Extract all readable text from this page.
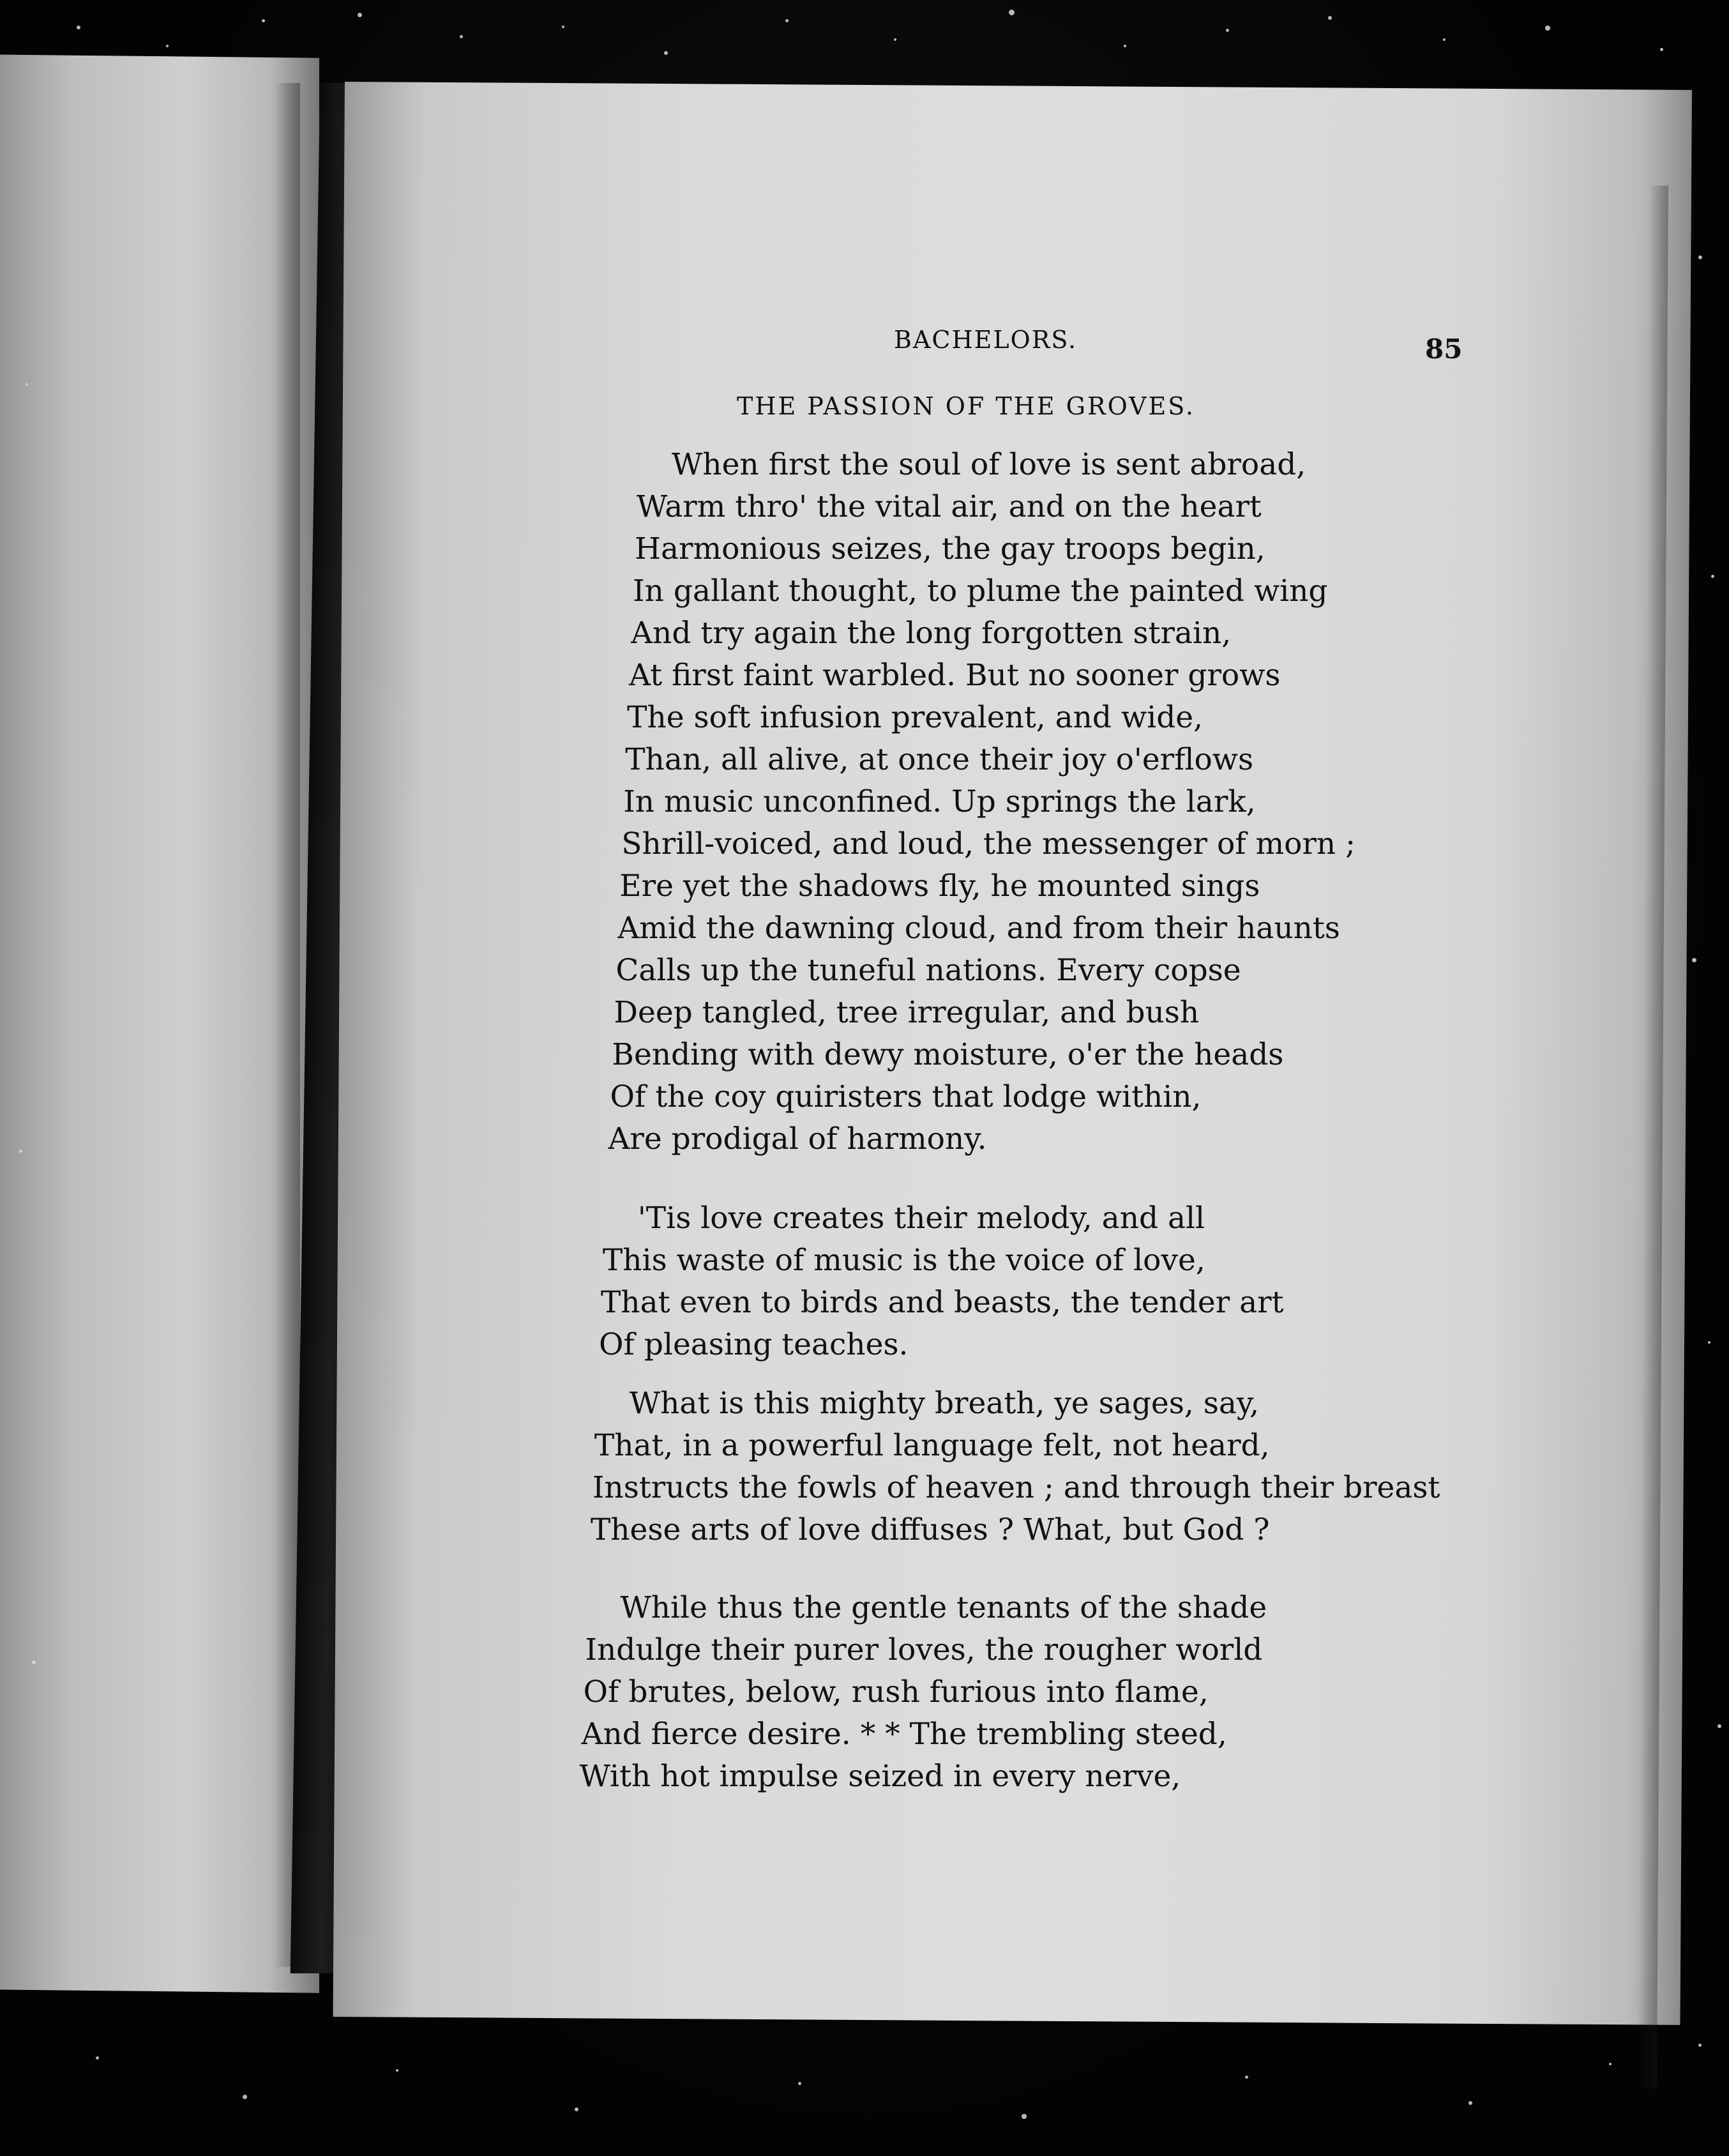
BACHELORS.	85
THE PASSION OF THE GROVES.
When first the soul of love is sent abroad,
Warm thro' the vital air, and on the heart
Harmonious seizes, the gay troops begin,
In gallant thought, to plume the painted wing
And try again the long forgotten strain,
At first faint warbled. But no sooner grows
The soft infusion prevalent, and wide,
Than, all alive, at once their joy o'erflows
In music unconfined. Up springs the lark,
Shrill-voiced, and loud, the messenger of morn ;
Ere yet the shadows fly, he mounted sings
Amid the dawning cloud, and from their haunts
Calls up the tuneful nations. Every copse
Deep tangled, tree irregular, and bush
Bending with dewy moisture, o'er the heads
Of the coy quiristers that lodge within,
Are prodigal of harmony.
'Tis love creates their melody, and all
This waste of music is the voice of love,
That even to birds and beasts, the tender art
Of pleasing teaches.
What is this mighty breath, ye sages, say,
That, in a powerful language felt, not heard,
Instructs the fowls of heaven ; and through their breast
These arts of love diffuses ? What, but God ?
While thus the gentle tenants of the shade
Indulge their purer loves, the rougher world
Of brutes, below, rush furious into flame,
And fierce desire. * * The trembling steed,
With hot impulse seized in every nerve,
